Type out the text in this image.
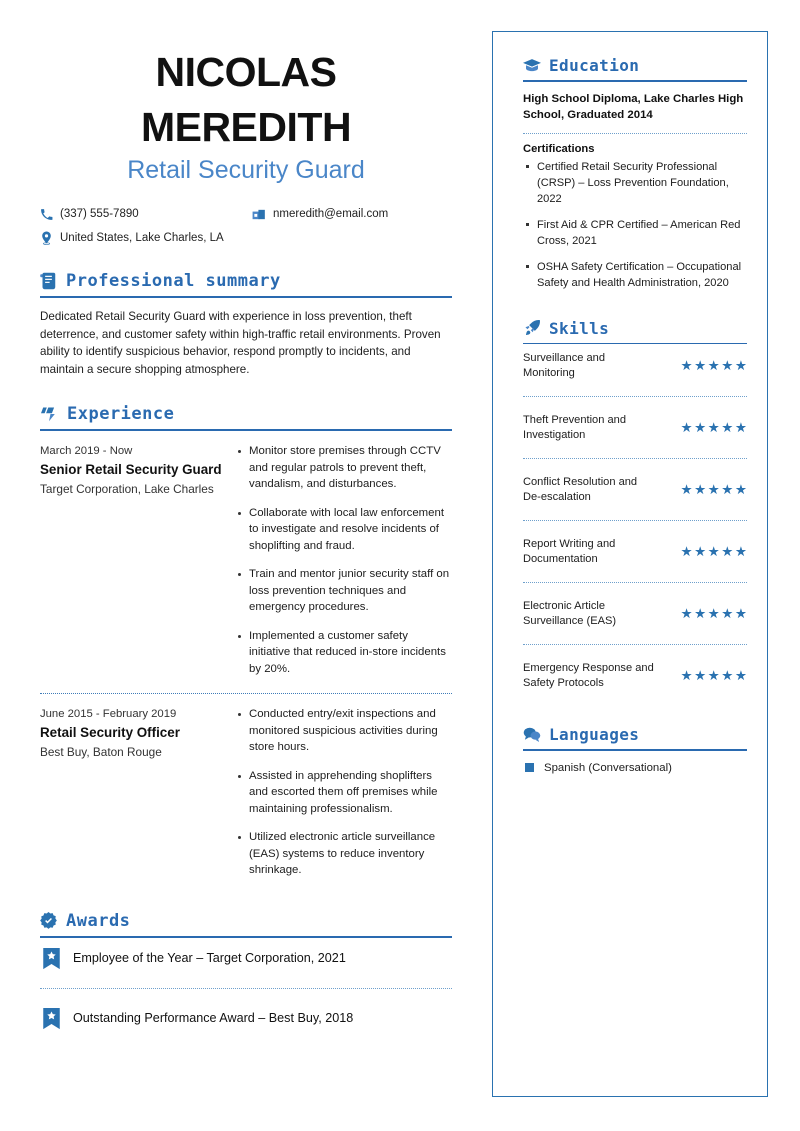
NICOLAS
MEREDITH
Retail Security Guard
(337) 555-7890	nmeredith@email.com
United States, Lake Charles, LA
Professional summary

Dedicated Retail Security Guard with experience in loss prevention, theft deterrence, and customer safety within high-traffic retail environments. Proven ability to identify suspicious behavior, respond promptly to incidents, and maintain a secure shopping atmosphere.

Experience
March 2019 - Now
Senior Retail Security Guard
Target Corporation, Lake Charles
Monitor store premises through CCTV and regular patrols to prevent theft, vandalism, and disturbances.
Collaborate with local law enforcement to investigate and resolve incidents of shoplifting and fraud.
Train and mentor junior security staff on loss prevention techniques and emergency procedures.
Implemented a customer safety initiative that reduced in-store incidents by 20%.
June 2015 - February 2019
Retail Security Officer
Best Buy, Baton Rouge
Conducted entry/exit inspections and monitored suspicious activities during store hours.
Assisted in apprehending shoplifters and escorted them off premises while maintaining professionalism.
Utilized electronic article surveillance (EAS) systems to reduce inventory shrinkage.
Awards
Employee of the Year – Target Corporation, 2021
Outstanding Performance Award – Best Buy, 2018
Education
High School Diploma, Lake Charles High School, Graduated 2014
Certifications
Certified Retail Security Professional (CRSP) – Loss Prevention Foundation, 2022
First Aid & CPR Certified – American Red Cross, 2021
OSHA Safety Certification – Occupational Safety and Health Administration, 2020
Skills
Surveillance and Monitoring	★ ★ ★ ★ ★
Theft Prevention and Investigation	★ ★ ★ ★ ★
Conflict Resolution and De-escalation	★ ★ ★ ★ ★
Report Writing and Documentation	★ ★ ★ ★ ★
Electronic Article Surveillance (EAS)	★ ★ ★ ★ ★
Emergency Response and Safety Protocols	★ ★ ★ ★ ★
Languages
Spanish (Conversational)
